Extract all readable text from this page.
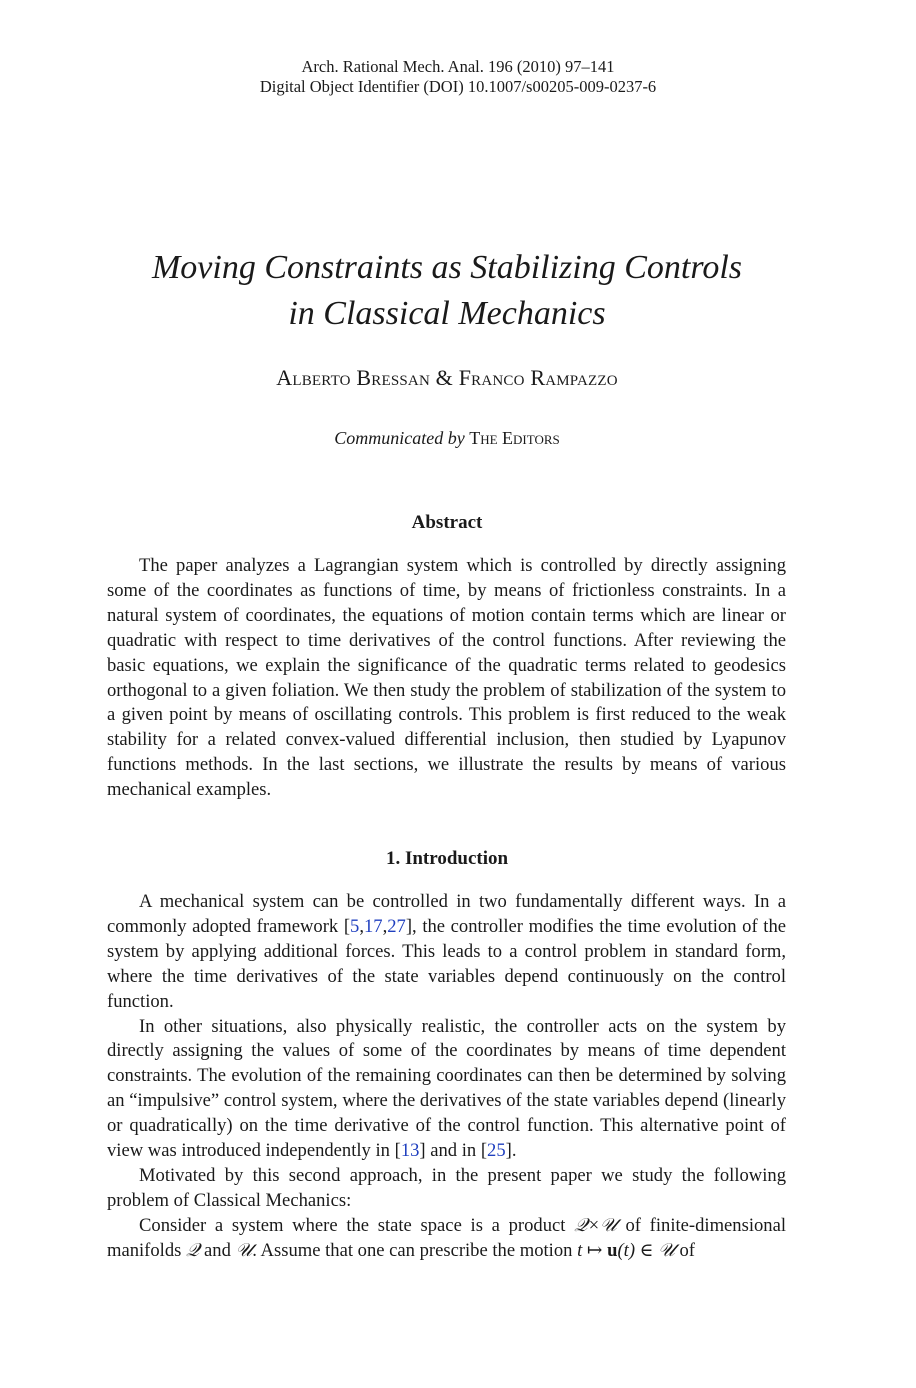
Arch. Rational Mech. Anal. 196 (2010) 97–141
Digital Object Identifier (DOI) 10.1007/s00205-009-0237-6
Moving Constraints as Stabilizing Controls
in Classical Mechanics
Alberto Bressan & Franco Rampazzo
Communicated by The Editors
Abstract

The paper analyzes a Lagrangian system which is controlled by directly assigning some of the coordinates as functions of time, by means of frictionless constraints. In a natural system of coordinates, the equations of motion contain terms which are linear or quadratic with respect to time derivatives of the control functions. After reviewing the basic equations, we explain the significance of the quadratic terms related to geodesics orthogonal to a given foliation. We then study the problem of stabilization of the system to a given point by means of oscillating controls. This problem is first reduced to the weak stability for a related convex-valued differential inclusion, then studied by Lyapunov functions methods. In the last sections, we illustrate the results by means of various mechanical examples.

1. Introduction

A mechanical system can be controlled in two fundamentally different ways. In a commonly adopted framework [5,17,27], the controller modifies the time evolution of the system by applying additional forces. This leads to a control problem in standard form, where the time derivatives of the state variables depend continuously on the control function.

In other situations, also physically realistic, the controller acts on the system by directly assigning the values of some of the coordinates by means of time dependent constraints. The evolution of the remaining coordinates can then be determined by solving an “impulsive” control system, where the derivatives of the state variables depend (linearly or quadratically) on the time derivative of the control function. This alternative point of view was introduced independently in [13] and in [25].

Motivated by this second approach, in the present paper we study the following problem of Classical Mechanics:

Consider a system where the state space is a product 𝒬×𝒰 of finite-dimensional manifolds 𝒬 and 𝒰. Assume that one can prescribe the motion t ↦ u(t) ∈ 𝒰 of
